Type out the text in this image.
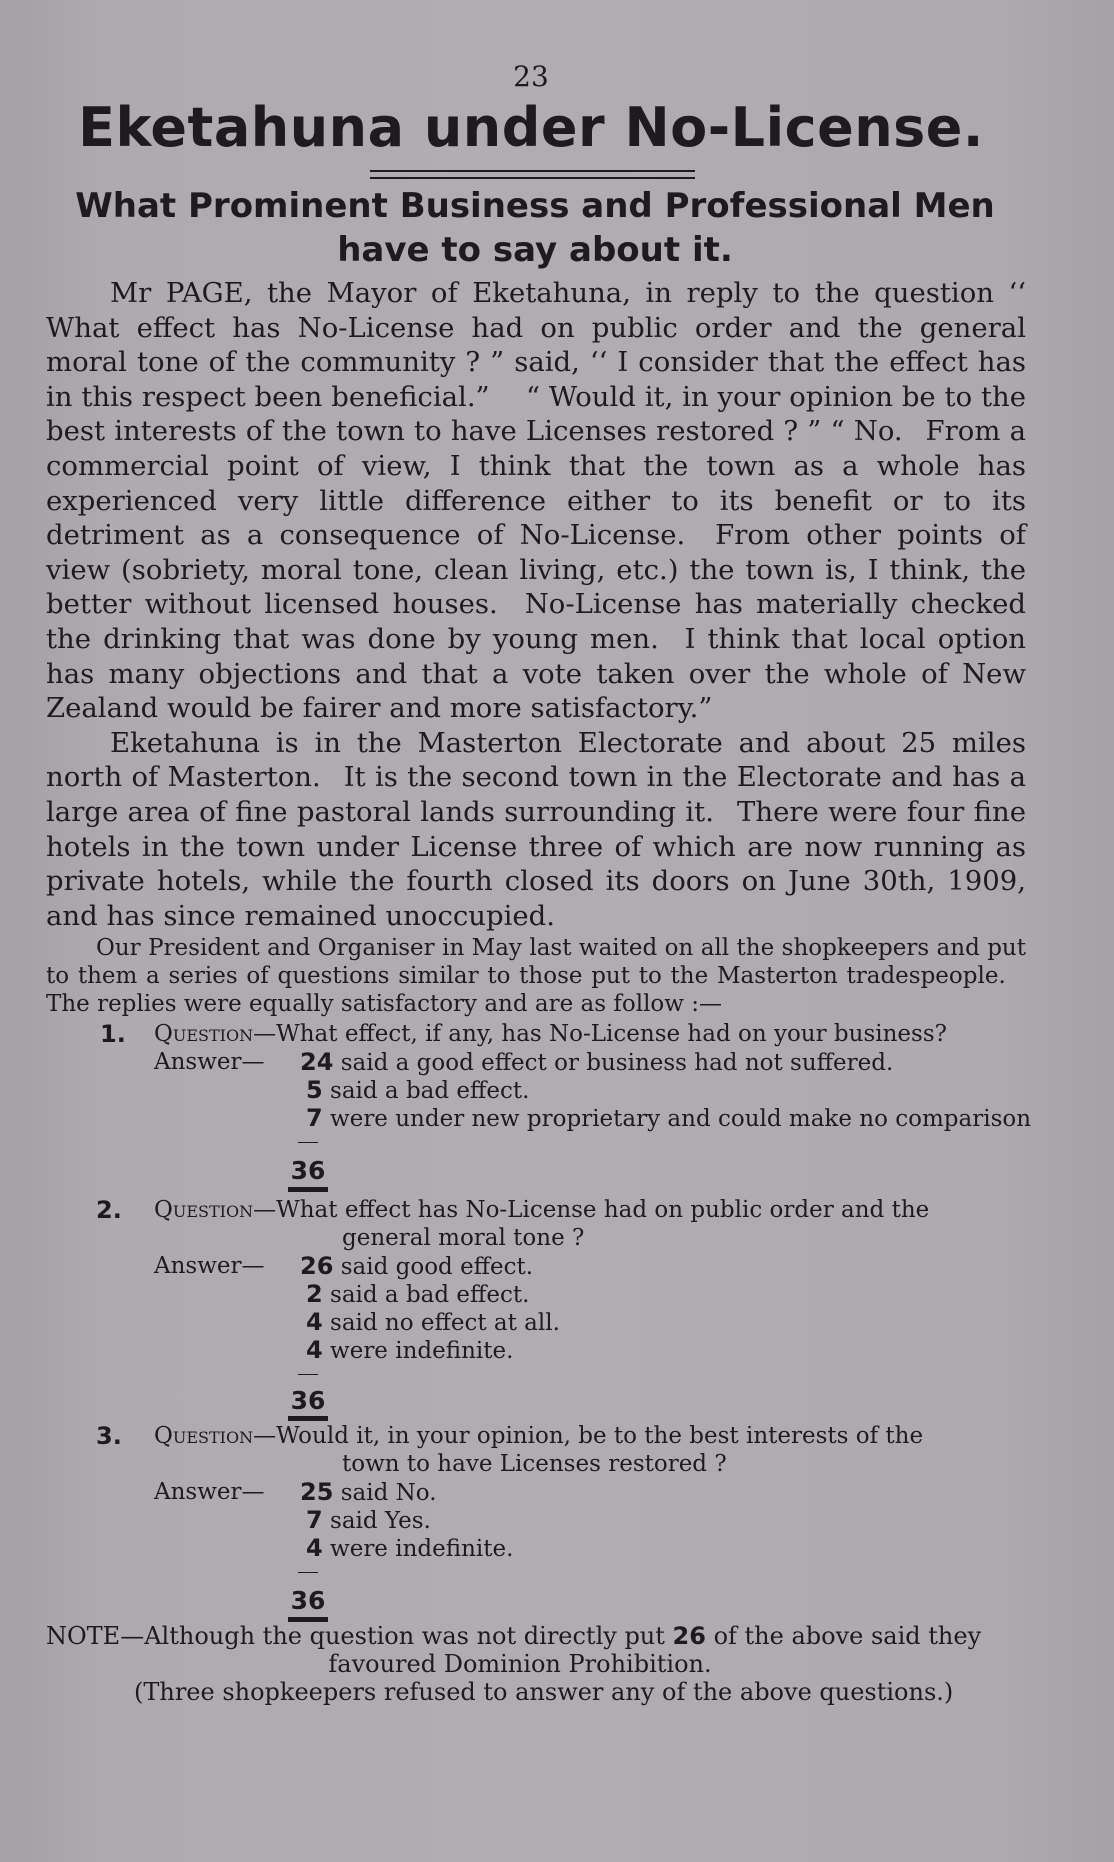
23
Eketahuna under No-License.
What Prominent Business and Professional Men
have to say about it.

Mr PAGE, the Mayor of Eketahuna, in reply to the question ‘‘ What effect has No-License had on public order and the general moral tone of the community ? ” said, ‘‘ I consider that the effect has in this respect been beneficial.”  “ Would it, in your opinion be to the best interests of the town to have Licenses restored ? ” “ No.  From a commercial point of view, I think that the town as a whole has experienced very little difference either to its benefit or to its detriment as a consequence of No-License.  From other points of view (sobriety, moral tone, clean living, etc.) the town is, I think, the better without licensed houses.  No-License has materially checked the drinking that was done by young men.  I think that local option has many objections and that a vote taken over the whole of New Zealand would be fairer and more satisfactory.”

Eketahuna is in the Masterton Electorate and about 25 miles north of Masterton.  It is the second town in the Electorate and has a large area of fine pastoral lands surrounding it.  There were four fine hotels in the town under License three of which are now running as private hotels, while the fourth closed its doors on June 30th, 1909, and has since remained unoccupied.

Our President and Organiser in May last waited on all the shopkeepers and put to them a series of questions similar to those put to the Masterton tradespeople.  The replies were equally satisfactory and are as follow :—

1. Question—What effect, if any, has No-License had on your business?
Answer— 24 said a good effect or business had not suffered.
5 said a bad effect.
7 were under new proprietary and could make no comparison
36
2. Question—What effect has No-License had on public order and the
general moral tone ?
Answer— 26 said good effect.
2 said a bad effect.
4 said no effect at all.
4 were indefinite.
36
3. Question—Would it, in your opinion, be to the best interests of the
town to have Licenses restored ?
Answer— 25 said No.
7 said Yes.
4 were indefinite.
36
NOTE—Although the question was not directly put 26 of the above said they
favoured Dominion Prohibition.
(Three shopkeepers refused to answer any of the above questions.)
